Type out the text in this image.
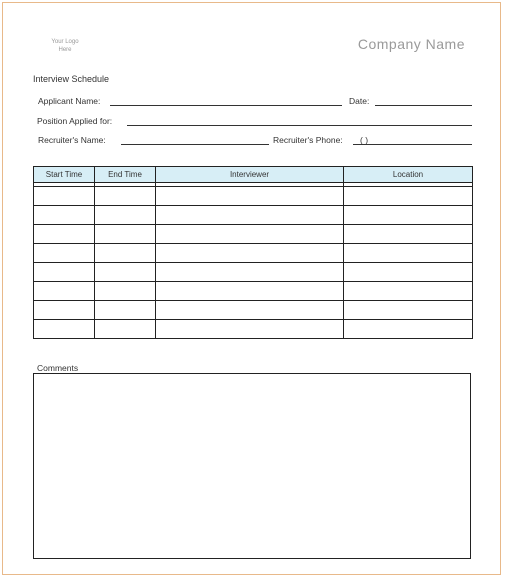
Your Logo
Here	Company Name
Interview Schedule
Applicant Name:	Date:
Position Applied for:
Recruiter's Name:	Recruiter's Phone: ( )
Start Time	End Time	Interviewer	Location

Comments
